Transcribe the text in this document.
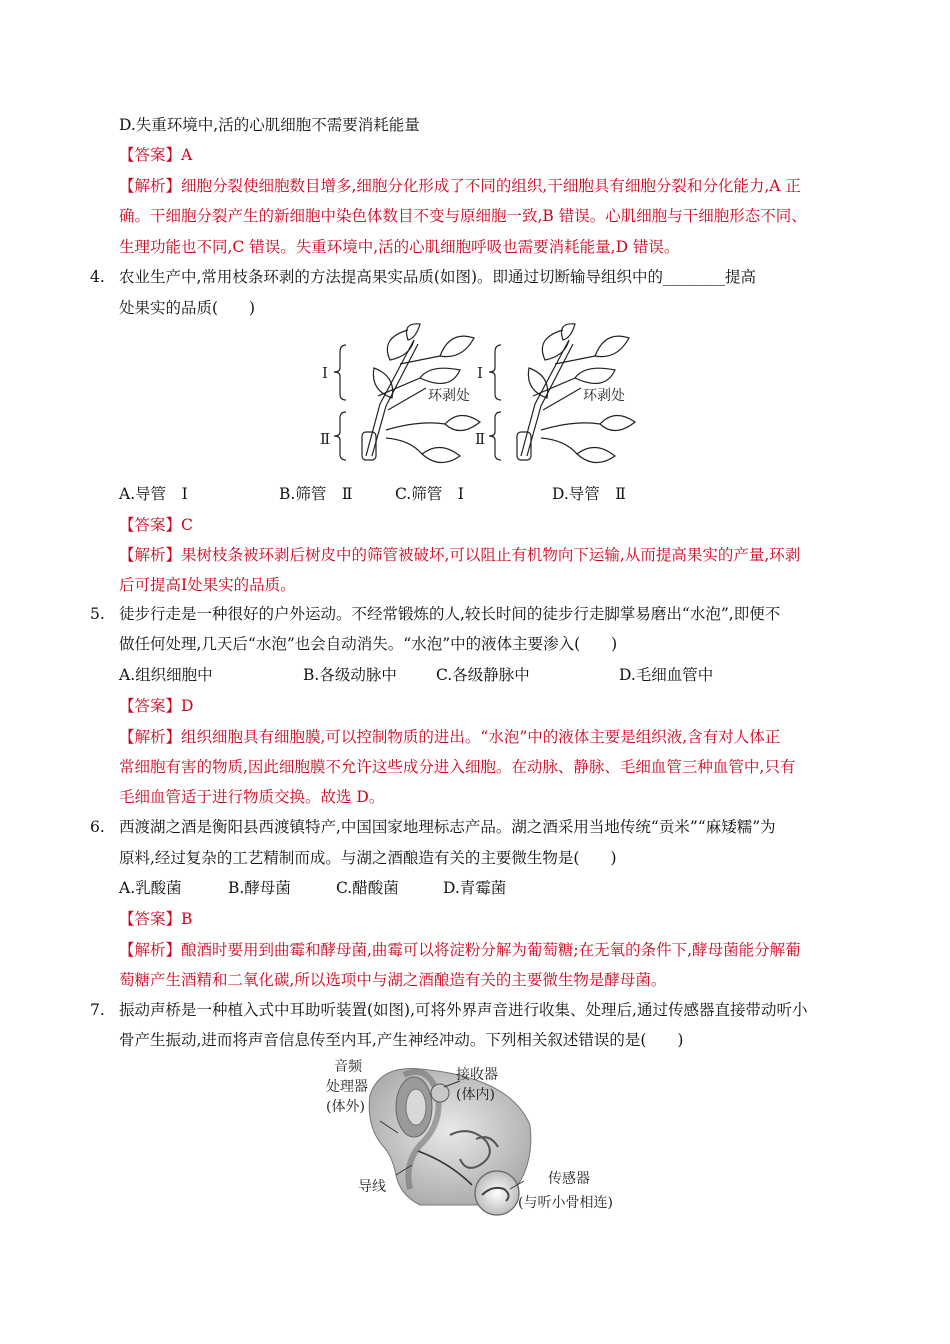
D.失重环境中,活的心肌细胞不需要消耗能量
【答案】A
【解析】细胞分裂使细胞数目增多,细胞分化形成了不同的组织,干细胞具有细胞分裂和分化能力,A 正
确。干细胞分裂产生的新细胞中染色体数目不变与原细胞一致,B 错误。心肌细胞与干细胞形态不同、
生理功能也不同,C 错误。失重环境中,活的心肌细胞呼吸也需要消耗能量,D 错误。
4. 农业生产中,常用枝条环剥的方法提高果实品质(如图)。即通过切断输导组织中的________提高
处果实的品质(　　)
Ⅰ
Ⅱ
环剥处
Ⅰ
Ⅱ
环剥处
A.导管　Ⅰ	B.筛管　Ⅱ	C.筛管　Ⅰ	D.导管　Ⅱ
【答案】C
【解析】果树枝条被环剥后树皮中的筛管被破坏,可以阻止有机物向下运输,从而提高果实的产量,环剥
后可提高Ⅰ处果实的品质。
5. 徒步行走是一种很好的户外运动。不经常锻炼的人,较长时间的徒步行走脚掌易磨出“水泡”,即便不
做任何处理,几天后“水泡”也会自动消失。“水泡”中的液体主要渗入(　　)
A.组织细胞中	B.各级动脉中	C.各级静脉中	D.毛细血管中
【答案】D
【解析】组织细胞具有细胞膜,可以控制物质的进出。“水泡”中的液体主要是组织液,含有对人体正
常细胞有害的物质,因此细胞膜不允许这些成分进入细胞。在动脉、静脉、毛细血管三种血管中,只有
毛细血管适于进行物质交换。故选 D。
6. 西渡湖之酒是衡阳县西渡镇特产,中国国家地理标志产品。湖之酒采用当地传统“贡米”“麻矮糯”为
原料,经过复杂的工艺精制而成。与湖之酒酿造有关的主要微生物是(　　)
A.乳酸菌	B.酵母菌	C.醋酸菌	D.青霉菌
【答案】B
【解析】酿酒时要用到曲霉和酵母菌,曲霉可以将淀粉分解为葡萄糖;在无氧的条件下,酵母菌能分解葡
萄糖产生酒精和二氧化碳,所以选项中与湖之酒酿造有关的主要微生物是酵母菌。
7. 振动声桥是一种植入式中耳助听装置(如图),可将外界声音进行收集、处理后,通过传感器直接带动听小
骨产生振动,进而将声音信息传至内耳,产生神经冲动。下列相关叙述错误的是(　　)
音频
处理器
(体外)
接收器
(体内)
导线	传感器
(与听小骨相连)
